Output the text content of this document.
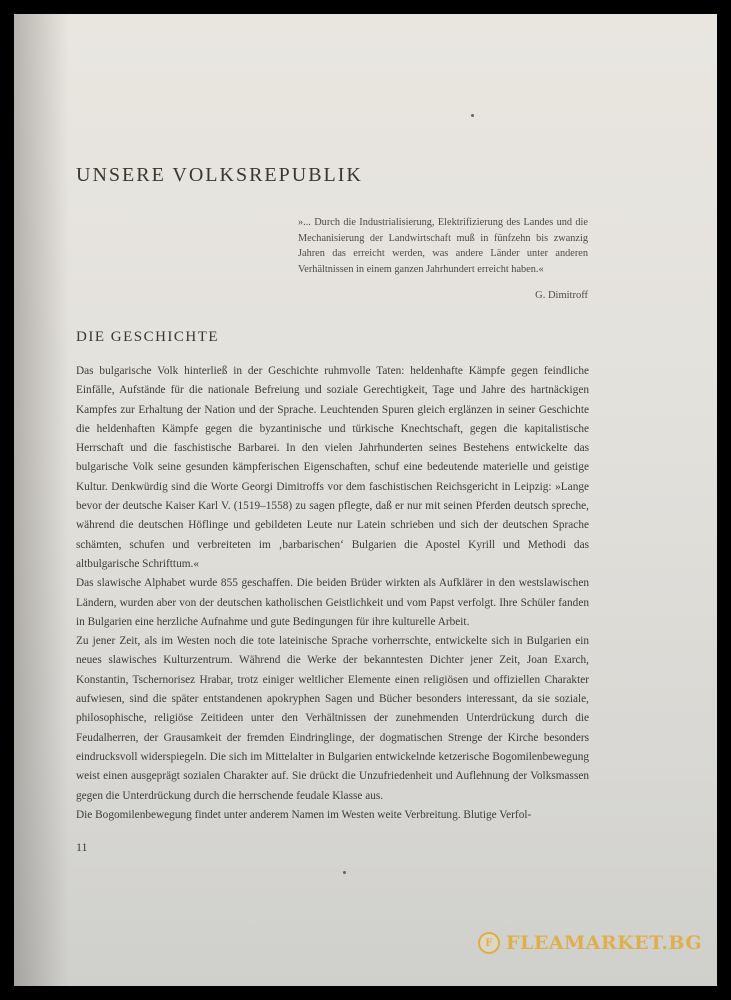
UNSERE VOLKSREPUBLIK
»... Durch die Industrialisierung, Elektrifizierung des Landes und die Mechanisierung der Landwirtschaft muß in fünfzehn bis zwanzig Jahren das erreicht werden, was andere Länder unter anderen Verhältnissen in einem ganzen Jahrhundert erreicht haben.«
G. Dimitroff
DIE GESCHICHTE

Das bulgarische Volk hinterließ in der Geschichte ruhmvolle Taten: heldenhafte Kämpfe gegen feindliche Einfälle, Aufstände für die nationale Befreiung und soziale Gerechtigkeit, Tage und Jahre des hartnäckigen Kampfes zur Erhaltung der Nation und der Sprache. Leuchtenden Spuren gleich erglänzen in seiner Geschichte die heldenhaften Kämpfe gegen die byzantinische und türkische Knechtschaft, gegen die kapitalistische Herrschaft und die faschistische Barbarei. In den vielen Jahrhunderten seines Bestehens entwickelte das bulgarische Volk seine gesunden kämpferischen Eigenschaften, schuf eine bedeutende materielle und geistige Kultur. Denkwürdig sind die Worte Georgi Dimitroffs vor dem faschistischen Reichsgericht in Leipzig: »Lange bevor der deutsche Kaiser Karl V. (1519–1558) zu sagen pflegte, daß er nur mit seinen Pferden deutsch spreche, während die deutschen Höflinge und gebildeten Leute nur Latein schrieben und sich der deutschen Sprache schämten, schufen und verbreiteten im ‚barbarischen‘ Bulgarien die Apostel Kyrill und Methodi das altbulgarische Schrifttum.«

Das slawische Alphabet wurde 855 geschaffen. Die beiden Brüder wirkten als Aufklärer in den westslawischen Ländern, wurden aber von der deutschen katholischen Geistlichkeit und vom Papst verfolgt. Ihre Schüler fanden in Bulgarien eine herzliche Aufnahme und gute Bedingungen für ihre kulturelle Arbeit.

Zu jener Zeit, als im Westen noch die tote lateinische Sprache vorherrschte, entwickelte sich in Bulgarien ein neues slawisches Kulturzentrum. Während die Werke der bekanntesten Dichter jener Zeit, Joan Exarch, Konstantin, Tschernorisez Hrabar, trotz einiger weltlicher Elemente einen religiösen und offiziellen Charakter aufwiesen, sind die später entstandenen apokryphen Sagen und Bücher besonders interessant, da sie soziale, philosophische, religiöse Zeitideen unter den Verhältnissen der zunehmenden Unterdrückung durch die Feudalherren, der Grausamkeit der fremden Eindringlinge, der dogmatischen Strenge der Kirche besonders eindrucksvoll widerspiegeln. Die sich im Mittelalter in Bulgarien entwickelnde ketzerische Bogomilenbewegung weist einen ausgeprägt sozialen Charakter auf. Sie drückt die Unzufriedenheit und Auflehnung der Volksmassen gegen die Unterdrückung durch die herrschende feudale Klasse aus.

Die Bogomilenbewegung findet unter anderem Namen im Westen weite Verbreitung. Blutige Verfol-

11
F FLEAMARKET.BG
